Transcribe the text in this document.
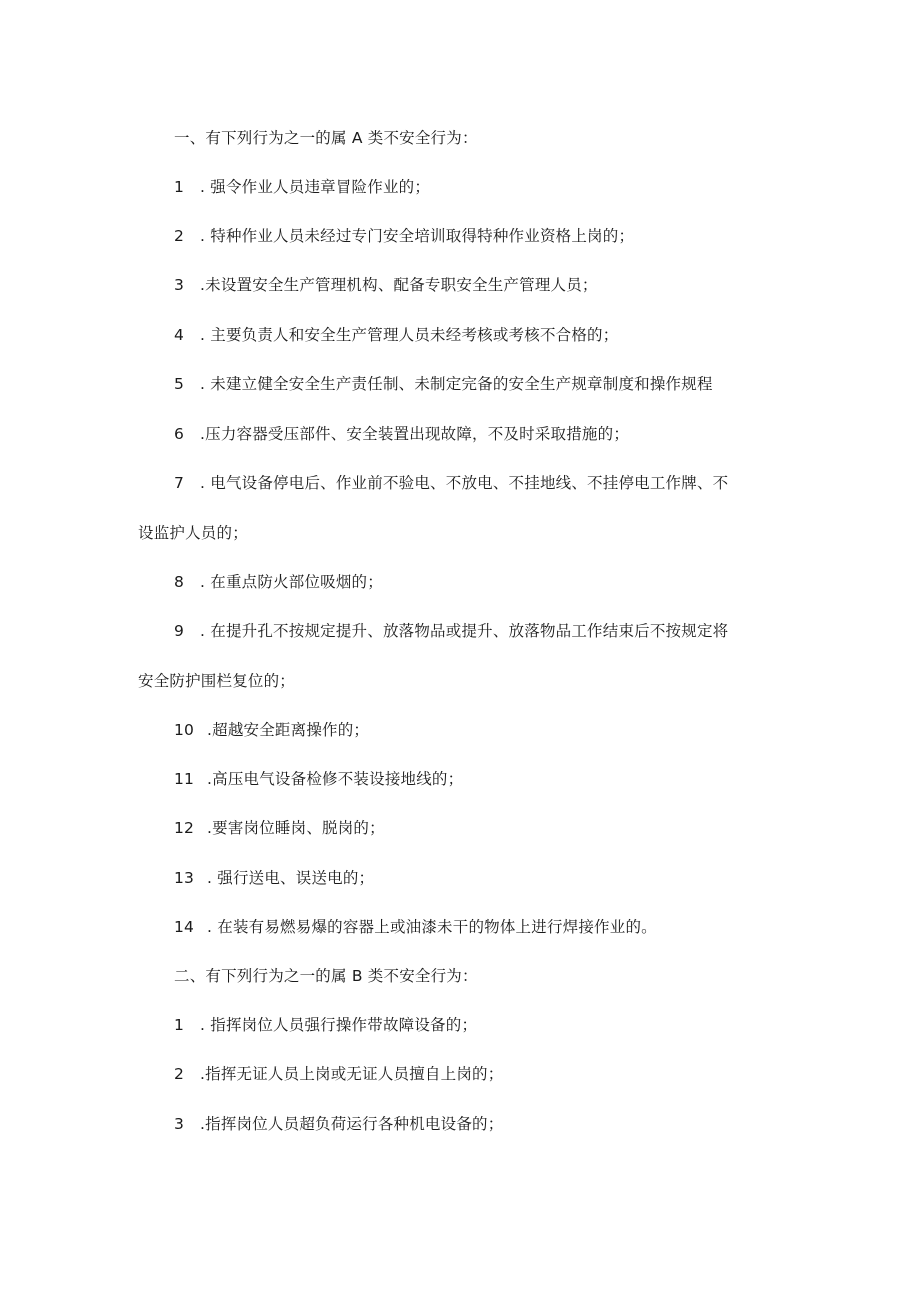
一、有下列行为之一的属 A 类不安全行为：
1 . 强令作业人员违章冒险作业的；
2 . 特种作业人员未经过专门安全培训取得特种作业资格上岗的；
3 .未设置安全生产管理机构、配备专职安全生产管理人员；
4 . 主要负责人和安全生产管理人员未经考核或考核不合格的；
5 . 未建立健全安全生产责任制、未制定完备的安全生产规章制度和操作规程
6 .压力容器受压部件、安全装置出现故障，不及时采取措施的；
7 . 电气设备停电后、作业前不验电、不放电、不挂地线、不挂停电工作牌、不
设监护人员的；
8 . 在重点防火部位吸烟的；
9 . 在提升孔不按规定提升、放落物品或提升、放落物品工作结束后不按规定将
安全防护围栏复位的；
10 .超越安全距离操作的；
11 .高压电气设备检修不装设接地线的；
12 .要害岗位睡岗、脱岗的；
13 . 强行送电、误送电的；
14 . 在装有易燃易爆的容器上或油漆未干的物体上进行焊接作业的。
二、有下列行为之一的属 B 类不安全行为：
1 . 指挥岗位人员强行操作带故障设备的；
2 .指挥无证人员上岗或无证人员擅自上岗的；
3 .指挥岗位人员超负荷运行各种机电设备的；
